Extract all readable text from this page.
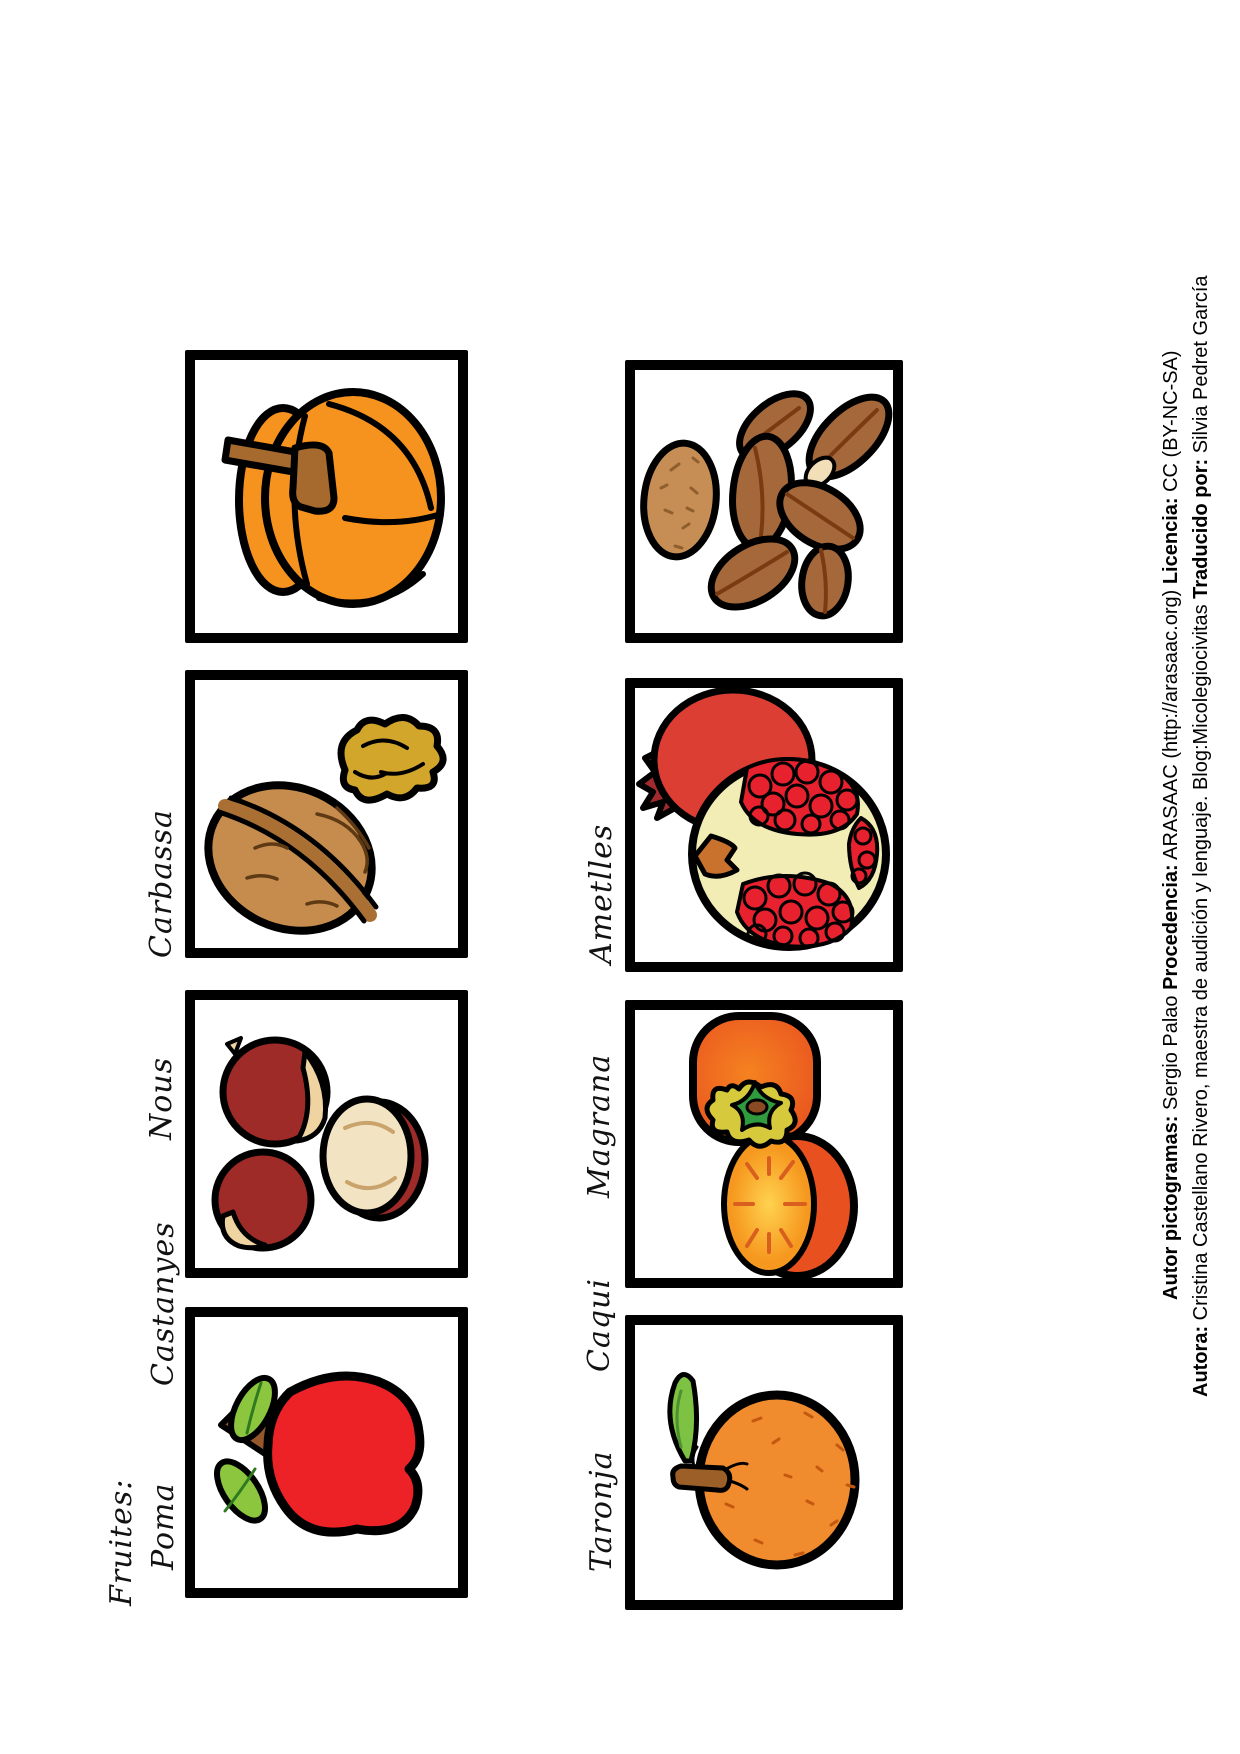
Fruites: Poma
Castanyes
Nous
Carbassa
Taronja
Caqui
Magrana
Ametlles
Autor pictogramas: Sergio Palao Procedencia: ARASAAC (http://arasaac.org) Licencia: CC (BY-NC-SA)
Autora: Cristina Castellano Rivero, maestra de audición y lenguaje. Blog:Micolegiocivitas Traducido por: Silvia Pedret García
